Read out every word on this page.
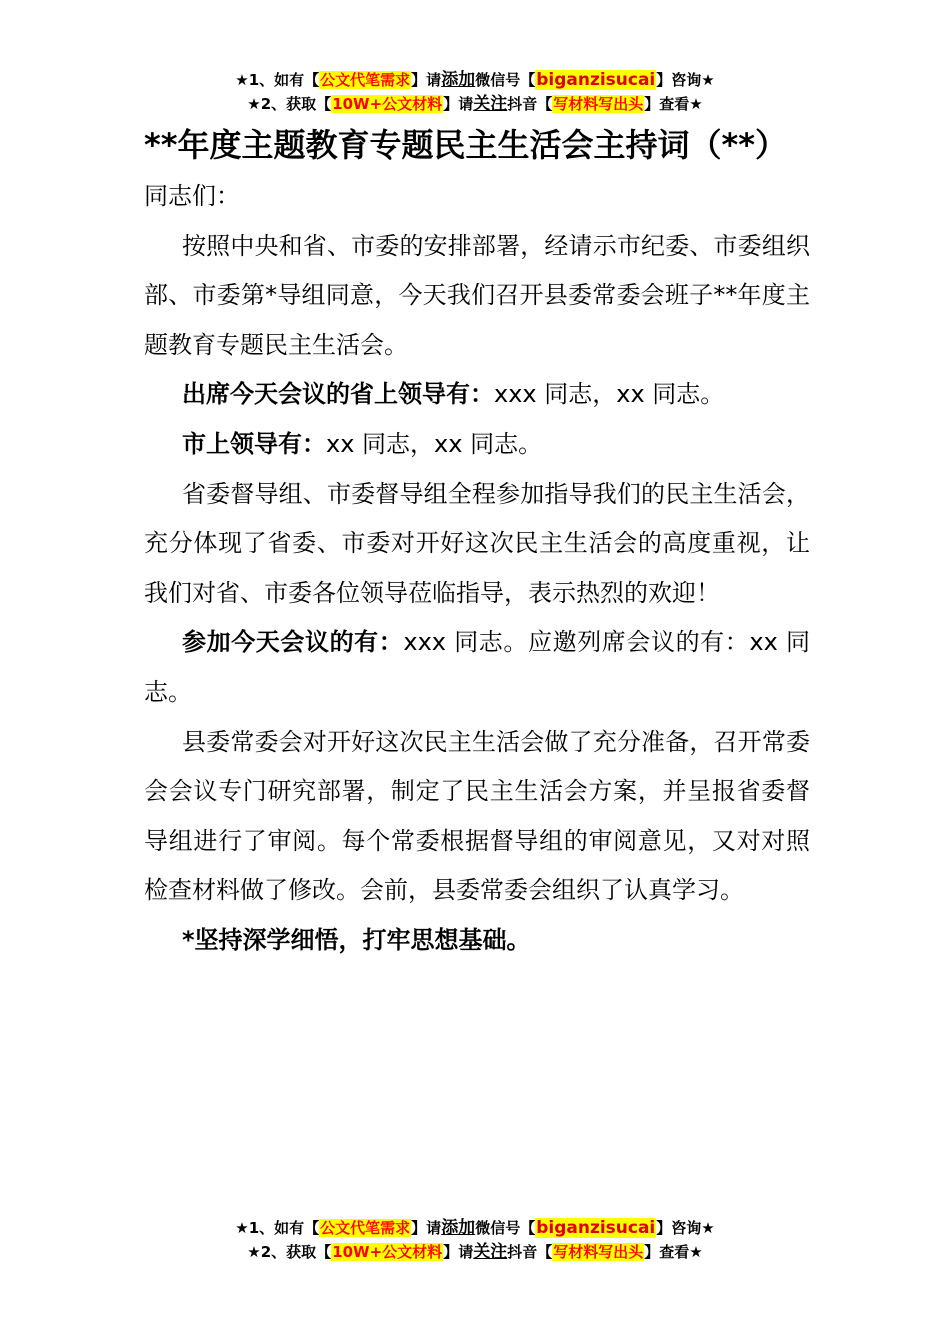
★1、如有【公文代笔需求】请添加微信号【biganzisucai】咨询★
★2、获取【10W+公文材料】请关注抖音【写材料写出头】查看★
**年度主题教育专题民主生活会主持词（**）

同志们：

按照中央和省、市委的安排部署，经请示市纪委、市委组织部、市委第*导组同意，今天我们召开县委常委会班子**年度主题教育专题民主生活会。

出席今天会议的省上领导有：xxx 同志，xx 同志。

市上领导有：xx 同志，xx 同志。

省委督导组、市委督导组全程参加指导我们的民主生活会，充分体现了省委、市委对开好这次民主生活会的高度重视，让我们对省、市委各位领导莅临指导，表示热烈的欢迎！

参加今天会议的有：xxx 同志。应邀列席会议的有：xx 同志。

县委常委会对开好这次民主生活会做了充分准备，召开常委会会议专门研究部署，制定了民主生活会方案，并呈报省委督导组进行了审阅。每个常委根据督导组的审阅意见，又对对照检查材料做了修改。会前，县委常委会组织了认真学习。

*坚持深学细悟，打牢思想基础。

★1、如有【公文代笔需求】请添加微信号【biganzisucai】咨询★
★2、获取【10W+公文材料】请关注抖音【写材料写出头】查看★
